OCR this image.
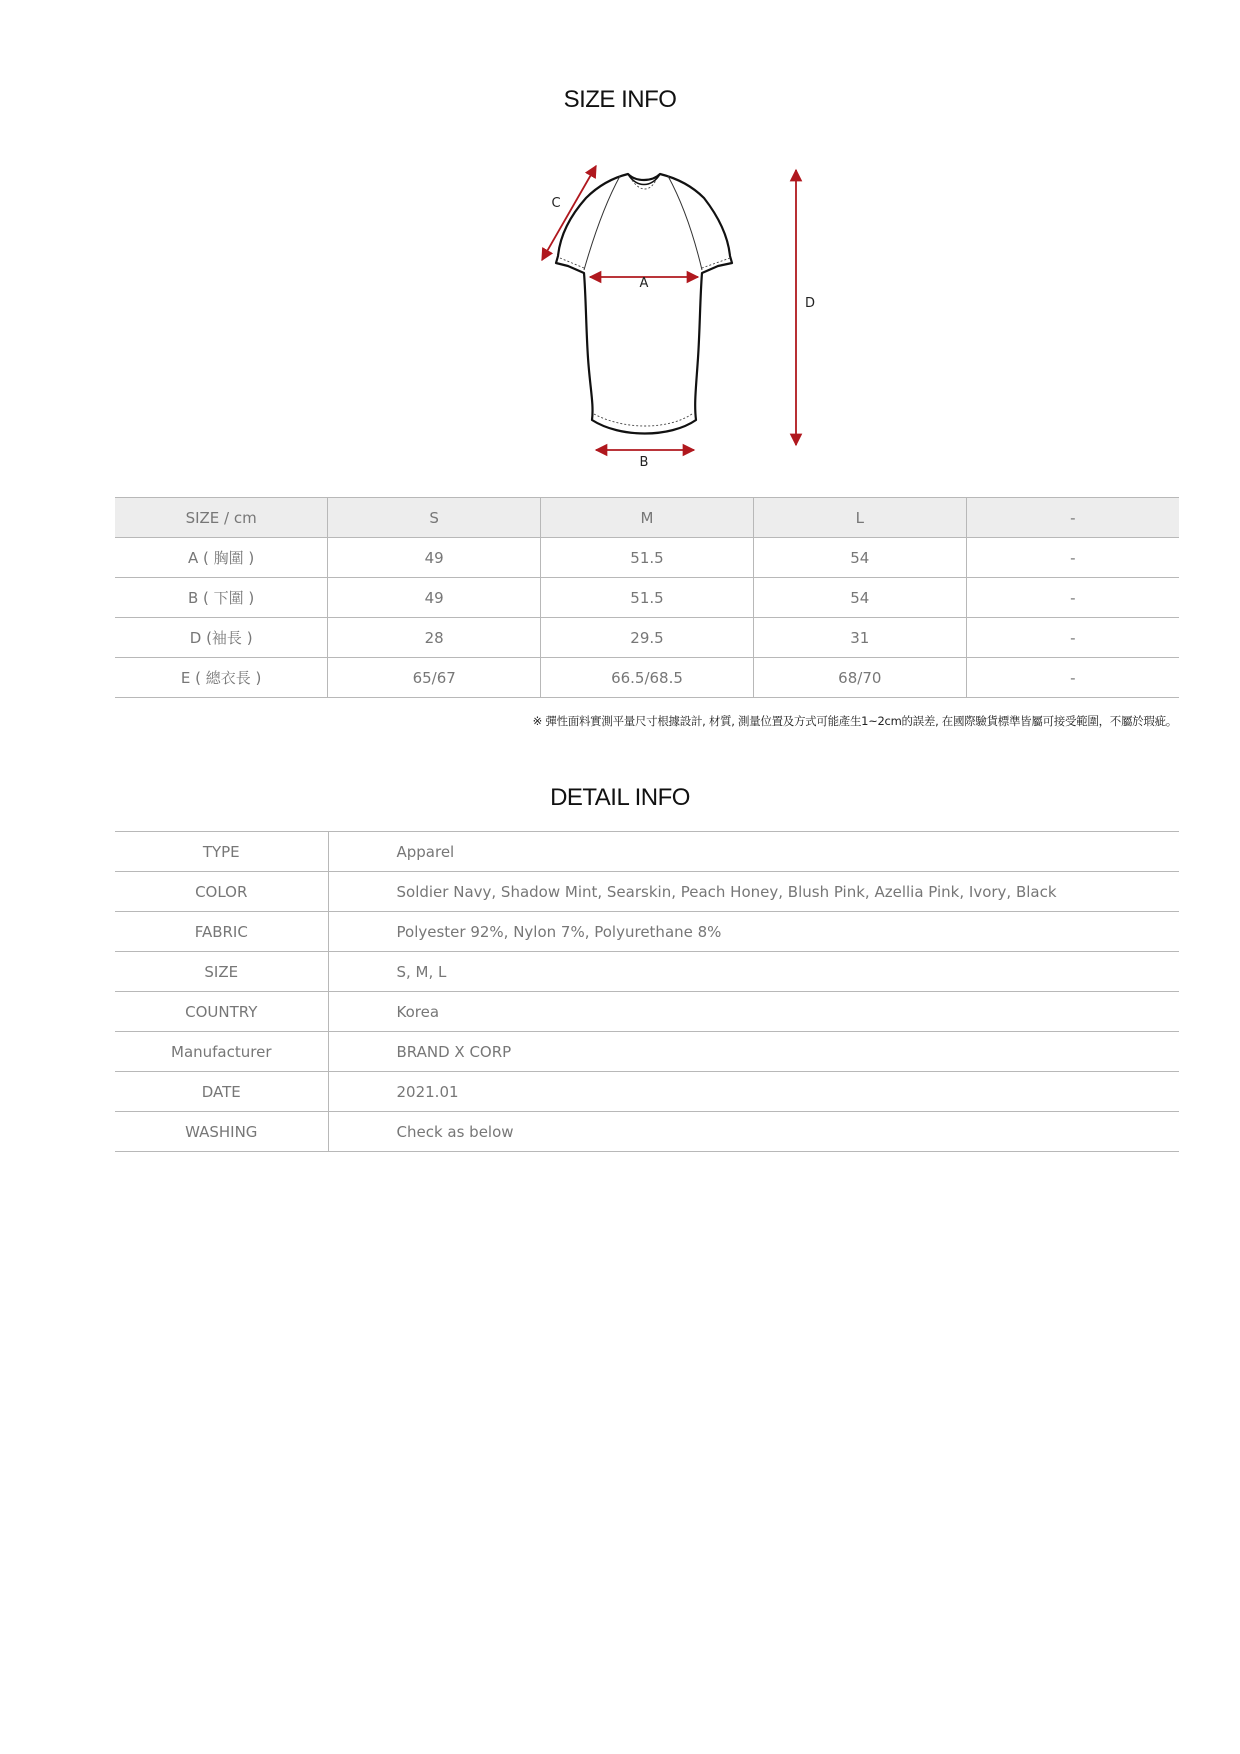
SIZE INFO
A
B
C
D
SIZE / cm	S	M	L	-
A ( 胸圍 )	49	51.5	54	-
B ( 下圍 )	49	51.5	54	-
D (袖長 )	28	29.5	31	-
E ( 總衣長 )	65/67	66.5/68.5	68/70	-

※ 彈性面料實測平量尺寸根據設計, 材質, 測量位置及方式可能產生1~2cm的誤差, 在國際驗貨標準皆屬可接受範圍，不屬於瑕疵。

DETAIL INFO
TYPE	Apparel
COLOR	Soldier Navy, Shadow Mint, Searskin, Peach Honey, Blush Pink, Azellia Pink, Ivory, Black
FABRIC	Polyester 92%, Nylon 7%, Polyurethane 8%
SIZE	S, M, L
COUNTRY	Korea
Manufacturer	BRAND X CORP
DATE	2021.01
WASHING	Check as below
